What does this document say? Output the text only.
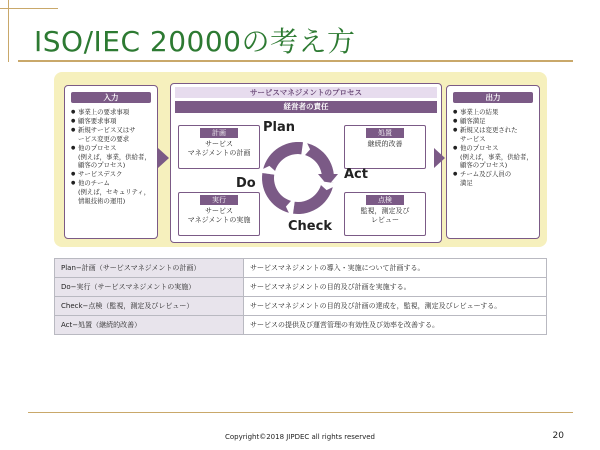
ISO/IEC 20000の考え方
入力
● 事業上の要求事項
● 顧客要求事項
● 新規サービス又はサ
ービス変更の要求
● 他のプロセス
(例えば，事業，供給者，
顧客のプロセス)
● サービスデスク
● 他のチーム
(例えば，セキュリティ，
情報技術の運用)
サービスマネジメントのプロセス
経営者の責任
計画
サービス
マネジメントの計画
実行
サービス
マネジメントの実施
処置
継続的改善
点検
監視，測定及び
レビュー
Plan
Do
Act
Check
出力
● 事業上の結果
● 顧客満足
● 新規又は変更された
サービス
● 他のプロセス
(例えば，事業，供給者，
顧客のプロセス)
● チーム及び人員の
満足
Plan−計画（サービスマネジメントの計画）	サービスマネジメントの導入・実施について計画する。
Do−実行（サービスマネジメントの実施）	サービスマネジメントの目的及び計画を実施する。
Check−点検（監視，測定及びレビュー）	サービスマネジメントの目的及び計画の達成を，監視，測定及びレビューする。
Act−処置（継続的改善）	サービスの提供及び運営管理の有効性及び効率を改善する。
Copyright©2018 JIPDEC all rights reserved	20
